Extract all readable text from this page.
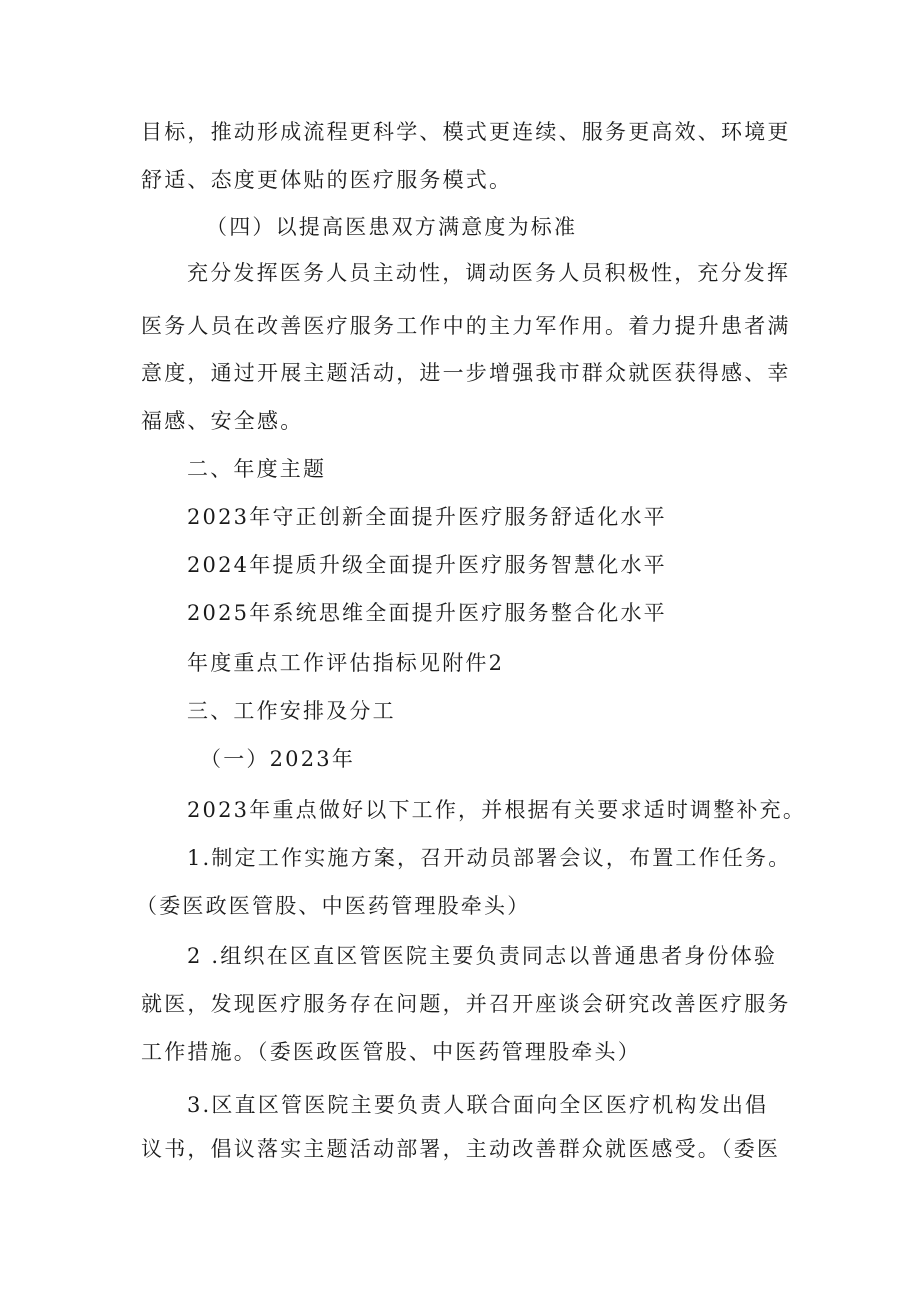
目标，推动形成流程更科学、模式更连续、服务更高效、环境更
舒适、态度更体贴的医疗服务模式。
（四）以提高医患双方满意度为标准
充分发挥医务人员主动性，调动医务人员积极性，充分发挥
医务人员在改善医疗服务工作中的主力军作用。着力提升患者满
意度，通过开展主题活动，进一步增强我市群众就医获得感、幸
福感、安全感。
二、年度主题
2023年守正创新全面提升医疗服务舒适化水平
2024年提质升级全面提升医疗服务智慧化水平
2025年系统思维全面提升医疗服务整合化水平
年度重点工作评估指标见附件2
三、工作安排及分工
（一）2023年
2023年重点做好以下工作，并根据有关要求适时调整补充。
1.制定工作实施方案，召开动员部署会议，布置工作任务。
（委医政医管股、中医药管理股牵头）
2 .组织在区直区管医院主要负责同志以普通患者身份体验
就医，发现医疗服务存在问题，并召开座谈会研究改善医疗服务
工作措施。（委医政医管股、中医药管理股牵头）
3.区直区管医院主要负责人联合面向全区医疗机构发出倡
议书，倡议落实主题活动部署，主动改善群众就医感受。（委医
